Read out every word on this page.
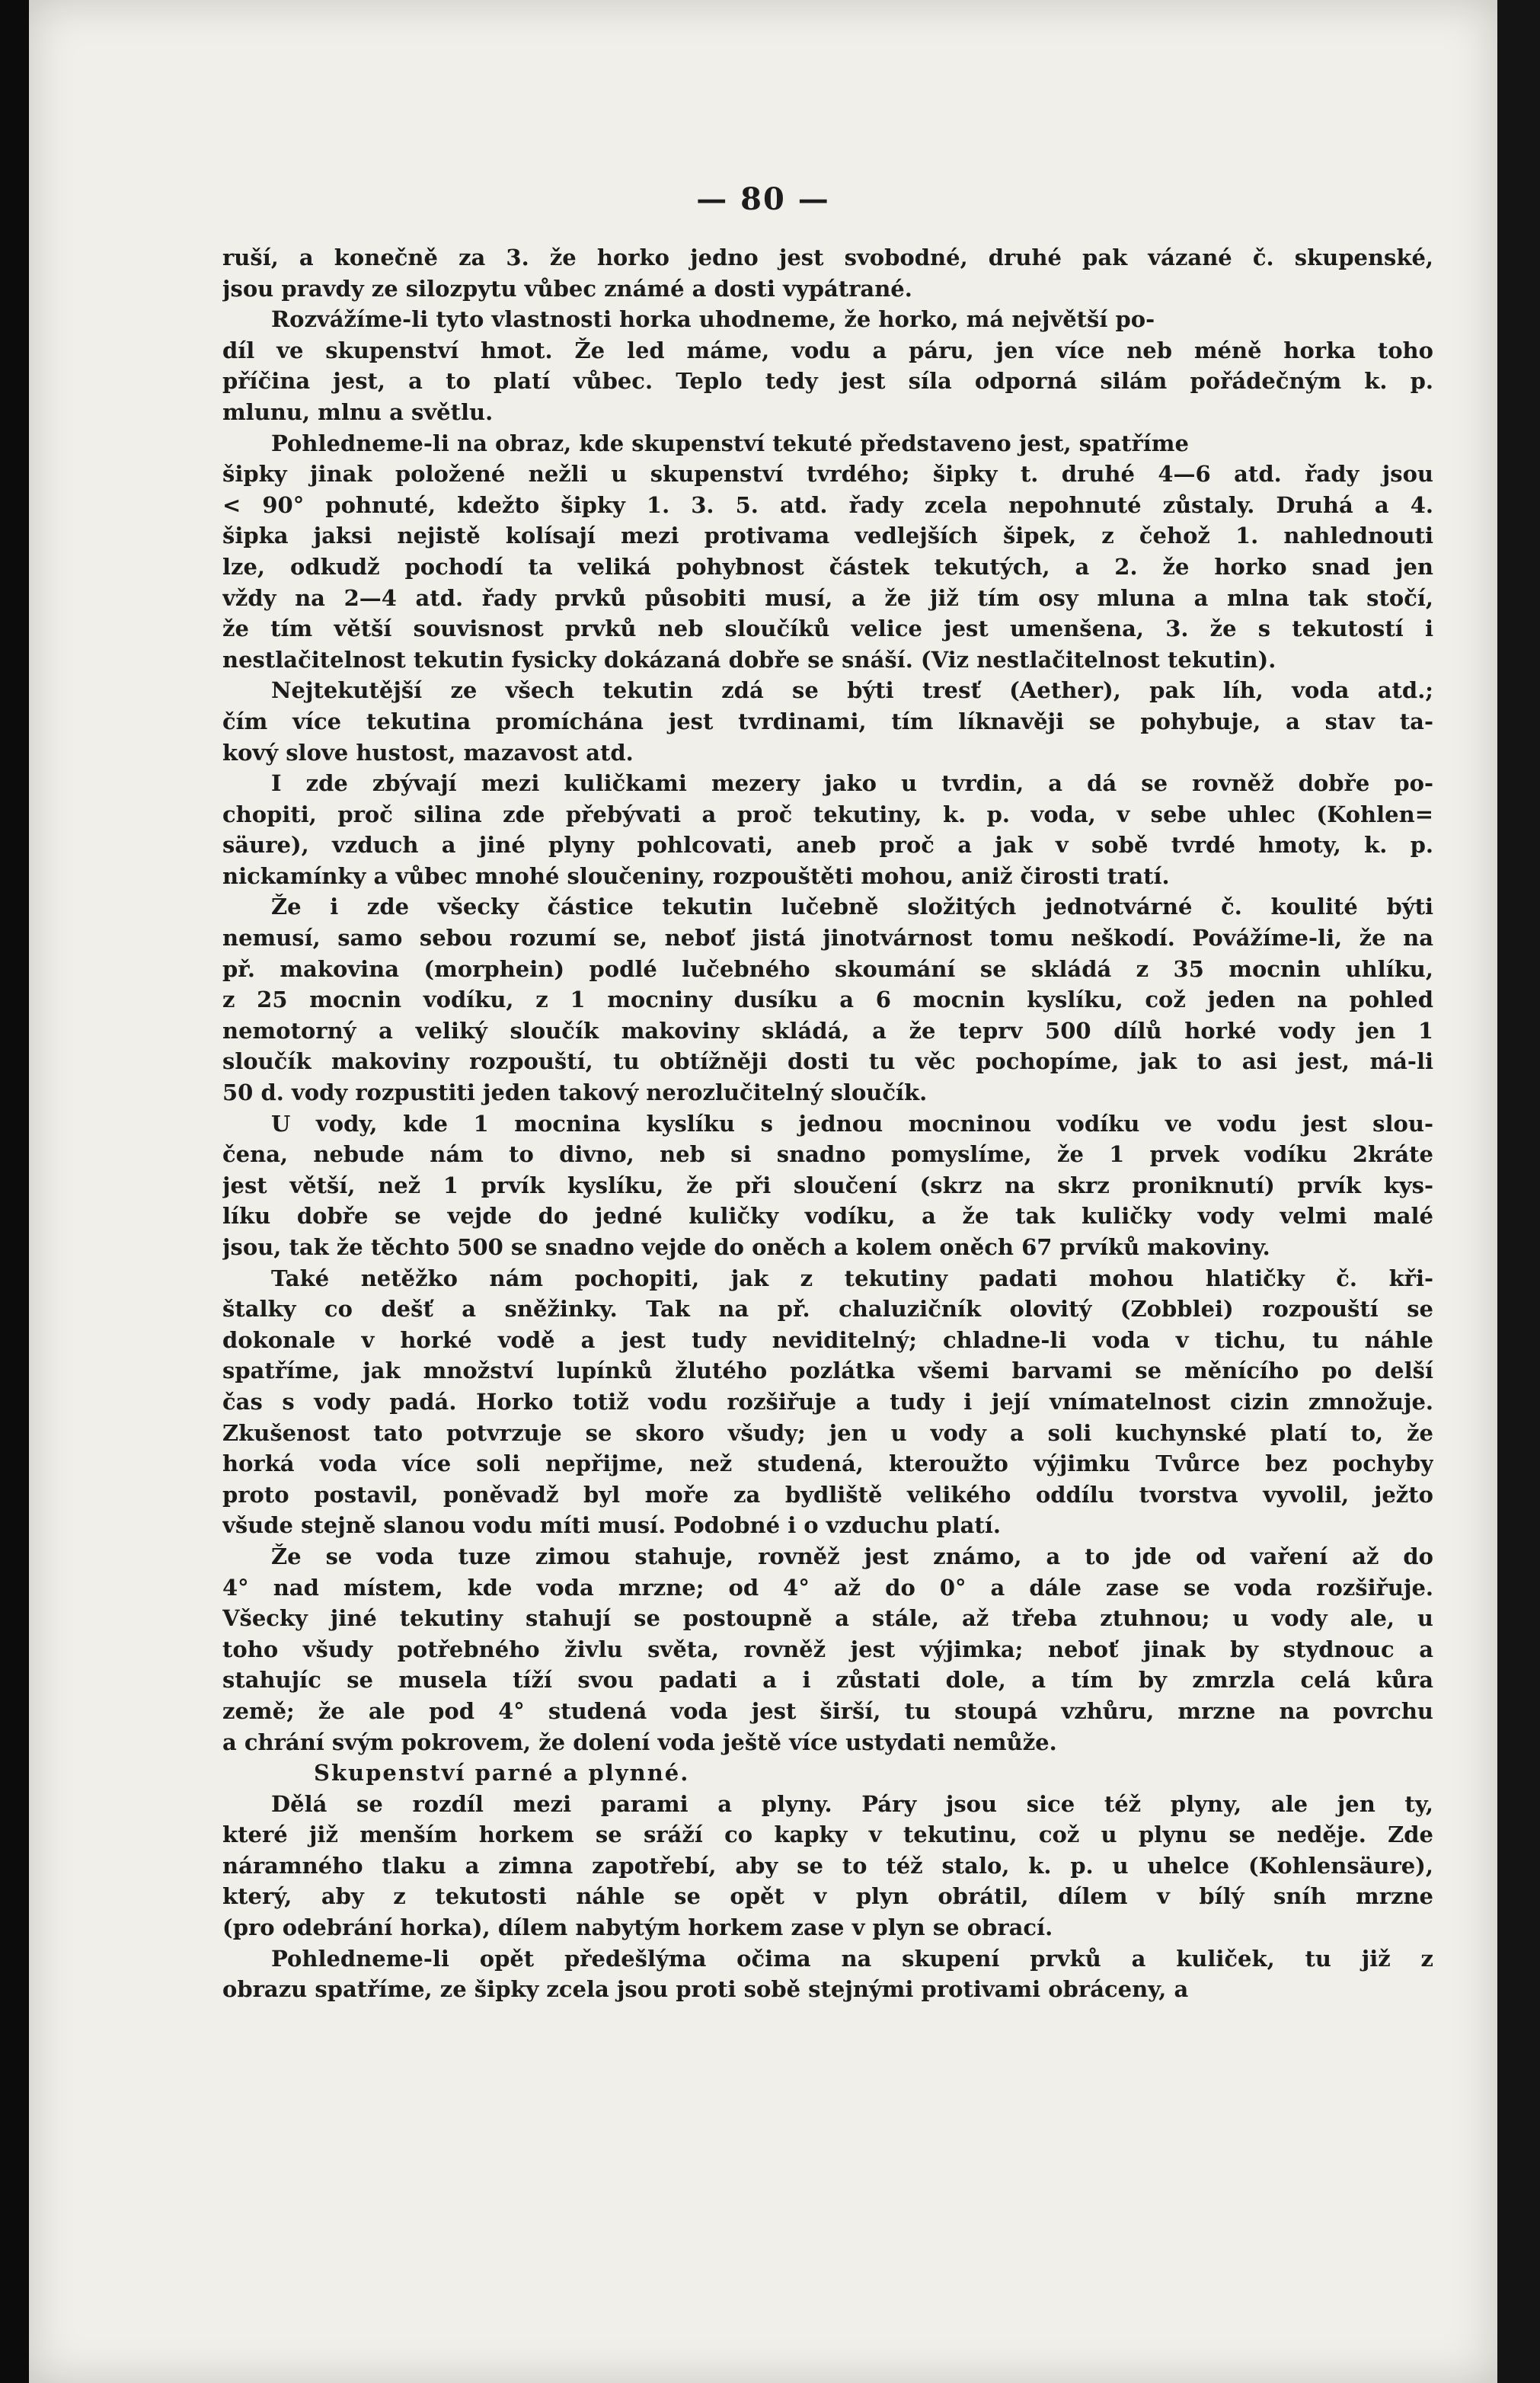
— 80 —
ruší, a konečně za 3. že horko jedno jest svobodné, druhé pak vázané č. skupenské,
jsou pravdy ze silozpytu vůbec známé a dosti vypátrané.
Rozvážíme-li tyto vlastnosti horka uhodneme, že horko, má největší po-
díl ve skupenství hmot. Že led máme, vodu a páru, jen více neb méně horka toho
příčina jest, a to platí vůbec. Teplo tedy jest síla odporná silám pořádečným k. p.
mlunu, mlnu a světlu.
Pohledneme-li na obraz, kde skupenství tekuté představeno jest, spatříme
šipky jinak položené nežli u skupenství tvrdého; šipky t. druhé 4—6 atd. řady jsou
< 90° pohnuté, kdežto šipky 1. 3. 5. atd. řady zcela nepohnuté zůstaly. Druhá a 4.
šipka jaksi nejistě kolísají mezi protivama vedlejších šipek, z čehož 1. nahlednouti
lze, odkudž pochodí ta veliká pohybnost částek tekutých, a 2. že horko snad jen
vždy na 2—4 atd. řady prvků působiti musí, a že již tím osy mluna a mlna tak stočí,
že tím větší souvisnost prvků neb sloučíků velice jest umenšena, 3. že s tekutostí i
nestlačitelnost tekutin fysicky dokázaná dobře se snáší. (Viz nestlačitelnost tekutin).
Nejtekutější ze všech tekutin zdá se býti tresť (Aether), pak líh, voda atd.;
čím více tekutina promíchána jest tvrdinami, tím líknavěji se pohybuje, a stav ta-
kový slove hustost, mazavost atd.
I zde zbývají mezi kuličkami mezery jako u tvrdin, a dá se rovněž dobře po-
chopiti, proč silina zde přebývati a proč tekutiny, k. p. voda, v sebe uhlec (Kohlen=
säure), vzduch a jiné plyny pohlcovati, aneb proč a jak v sobě tvrdé hmoty, k. p.
nickamínky a vůbec mnohé sloučeniny, rozpouštěti mohou, aniž čirosti tratí.
Že i zde všecky částice tekutin lučebně složitých jednotvárné č. koulité býti
nemusí, samo sebou rozumí se, neboť jistá jinotvárnost tomu neškodí. Povážíme-li, že na
př. makovina (morphein) podlé lučebného skoumání se skládá z 35 mocnin uhlíku,
z 25 mocnin vodíku, z 1 mocniny dusíku a 6 mocnin kyslíku, což jeden na pohled
nemotorný a veliký sloučík makoviny skládá, a že teprv 500 dílů horké vody jen 1
sloučík makoviny rozpouští, tu obtížněji dosti tu věc pochopíme, jak to asi jest, má-li
50 d. vody rozpustiti jeden takový nerozlučitelný sloučík.
U vody, kde 1 mocnina kyslíku s jednou mocninou vodíku ve vodu jest slou-
čena, nebude nám to divno, neb si snadno pomyslíme, že 1 prvek vodíku 2kráte
jest větší, než 1 prvík kyslíku, že při sloučení (skrz na skrz proniknutí) prvík kys-
líku dobře se vejde do jedné kuličky vodíku, a že tak kuličky vody velmi malé
jsou, tak že těchto 500 se snadno vejde do oněch a kolem oněch 67 prvíků makoviny.
Také netěžko nám pochopiti, jak z tekutiny padati mohou hlatičky č. kři-
štalky co dešť a sněžinky. Tak na př. chaluzičník olovitý (Zobblei) rozpouští se
dokonale v horké vodě a jest tudy neviditelný; chladne-li voda v tichu, tu náhle
spatříme, jak množství lupínků žlutého pozlátka všemi barvami se měnícího po delší
čas s vody padá. Horko totiž vodu rozšiřuje a tudy i její vnímatelnost cizin zmnožuje.
Zkušenost tato potvrzuje se skoro všudy; jen u vody a soli kuchynské platí to, že
horká voda více soli nepřijme, než studená, kteroužto výjimku Tvůrce bez pochyby
proto postavil, poněvadž byl moře za bydliště velikého oddílu tvorstva vyvolil, ježto
všude stejně slanou vodu míti musí. Podobné i o vzduchu platí.
Že se voda tuze zimou stahuje, rovněž jest známo, a to jde od vaření až do
4° nad místem, kde voda mrzne; od 4° až do 0° a dále zase se voda rozšiřuje.
Všecky jiné tekutiny stahují se postoupně a stále, až třeba ztuhnou; u vody ale, u
toho všudy potřebného živlu světa, rovněž jest výjimka; neboť jinak by stydnouc a
stahujíc se musela tíží svou padati a i zůstati dole, a tím by zmrzla celá kůra
země; že ale pod 4° studená voda jest širší, tu stoupá vzhůru, mrzne na povrchu
a chrání svým pokrovem, že dolení voda ještě více ustydati nemůže.
Skupenství parné a plynné.
Dělá se rozdíl mezi parami a plyny. Páry jsou sice též plyny, ale jen ty,
které již menším horkem se sráží co kapky v tekutinu, což u plynu se neděje. Zde
náramného tlaku a zimna zapotřebí, aby se to též stalo, k. p. u uhelce (Kohlensäure),
který, aby z tekutosti náhle se opět v plyn obrátil, dílem v bílý sníh mrzne
(pro odebrání horka), dílem nabytým horkem zase v plyn se obrací.
Pohledneme-li opět předešlýma očima na skupení prvků a kuliček, tu již z
obrazu spatříme, ze šipky zcela jsou proti sobě stejnými protivami obráceny, a
